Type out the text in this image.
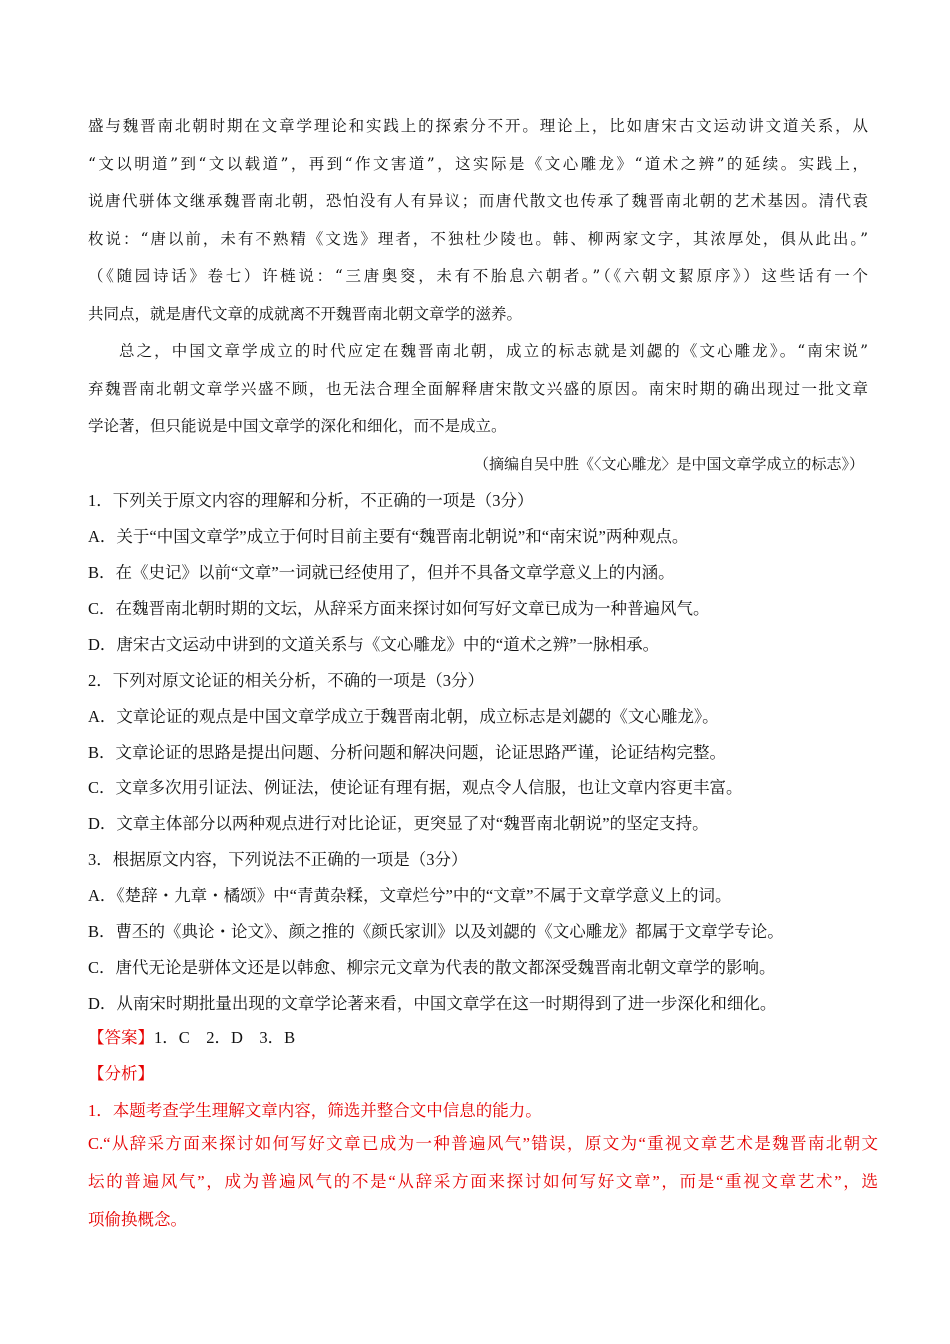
盛与魏晋南北朝时期在文章学理论和实践上的探索分不开。理论上，比如唐宋古文运动讲文道关系，从
“文以明道”到“文以载道”，再到“作文害道”，这实际是《文心雕龙》“道术之辨”的延续。实践上，
说唐代骈体文继承魏晋南北朝，恐怕没有人有异议；而唐代散文也传承了魏晋南北朝的艺术基因。清代袁
枚说：“唐以前，未有不熟精《文选》理者，不独杜少陵也。韩、柳两家文字，其浓厚处，俱从此出。”
（《随园诗话》卷七）许梿说：“三唐奥窔，未有不胎息六朝者。”（《六朝文絜原序》）这些话有一个
共同点，就是唐代文章的成就离不开魏晋南北朝文章学的滋养。
总之，中国文章学成立的时代应定在魏晋南北朝，成立的标志就是刘勰的《文心雕龙》。“南宋说”
弃魏晋南北朝文章学兴盛不顾，也无法合理全面解释唐宋散文兴盛的原因。南宋时期的确出现过一批文章
学论著，但只能说是中国文章学的深化和细化，而不是成立。
（摘编自吴中胜《〈文心雕龙〉是中国文章学成立的标志》）
1．下列关于原文内容的理解和分析，不正确的一项是（3分）
A．关于“中国文章学”成立于何时目前主要有“魏晋南北朝说”和“南宋说”两种观点。
B．在《史记》以前“文章”一词就已经使用了，但并不具备文章学意义上的内涵。
C．在魏晋南北朝时期的文坛，从辞采方面来探讨如何写好文章已成为一种普遍风气。
D．唐宋古文运动中讲到的文道关系与《文心雕龙》中的“道术之辨”一脉相承。
2．下列对原文论证的相关分析，不确的一项是（3分）
A．文章论证的观点是中国文章学成立于魏晋南北朝，成立标志是刘勰的《文心雕龙》。
B．文章论证的思路是提出问题、分析问题和解决问题，论证思路严谨，论证结构完整。
C．文章多次用引证法、例证法，使论证有理有据，观点令人信服，也让文章内容更丰富。
D．文章主体部分以两种观点进行对比论证，更突显了对“魏晋南北朝说”的坚定支持。
3．根据原文内容，下列说法不正确的一项是（3分）
A．《楚辞・九章・橘颂》中“青黄杂糅，文章烂兮”中的“文章”不属于文章学意义上的词。
B．曹丕的《典论・论文》、颜之推的《颜氏家训》以及刘勰的《文心雕龙》都属于文章学专论。
C．唐代无论是骈体文还是以韩愈、柳宗元文章为代表的散文都深受魏晋南北朝文章学的影响。
D．从南宋时期批量出现的文章学论著来看，中国文章学在这一时期得到了进一步深化和细化。
【答案】1．C　2．D　3．B
【分析】
1．本题考查学生理解文章内容，筛选并整合文中信息的能力。
C.“从辞采方面来探讨如何写好文章已成为一种普遍风气”错误，原文为“重视文章艺术是魏晋南北朝文
坛的普遍风气”，成为普遍风气的不是“从辞采方面来探讨如何写好文章”，而是“重视文章艺术”，选
项偷换概念。
